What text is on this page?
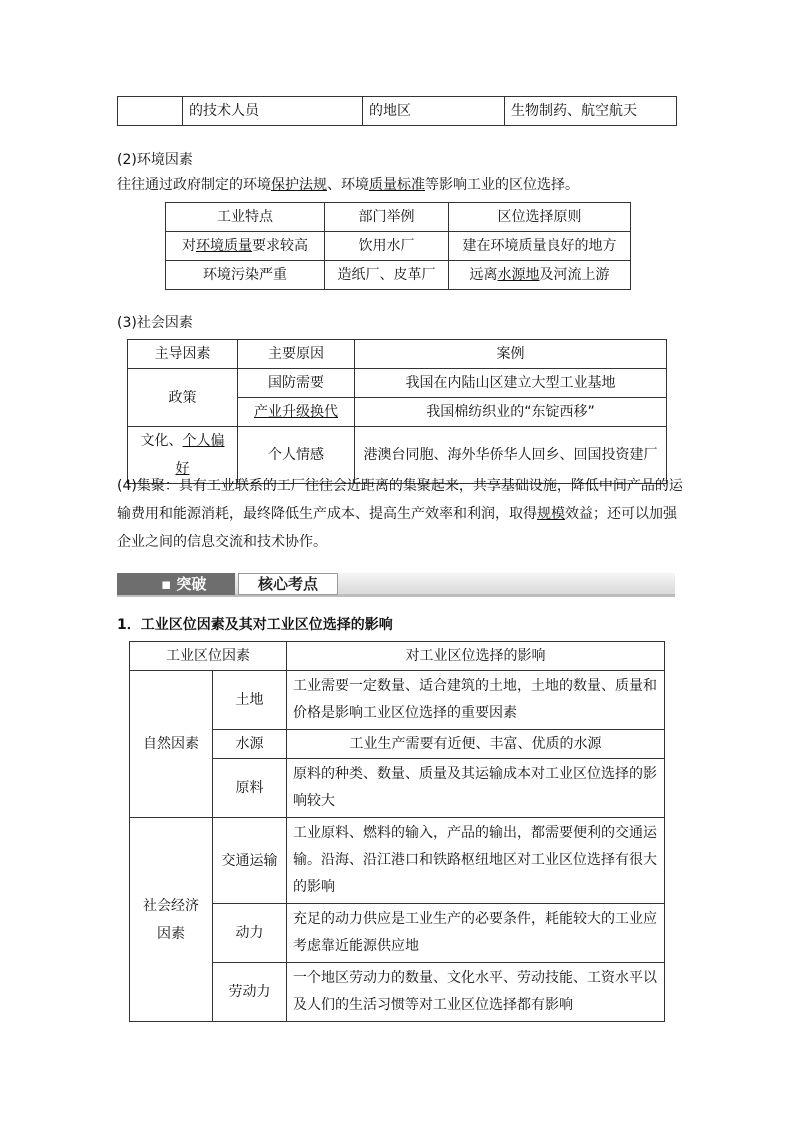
	的技术人员	的地区	生物制药、航空航天
(2)环境因素
往往通过政府制定的环境保护法规、环境质量标准等影响工业的区位选择。
工业特点	部门举例	区位选择原则
对环境质量要求较高	饮用水厂	建在环境质量良好的地方
环境污染严重	造纸厂、皮革厂	远离水源地及河流上游
(3)社会因素
主导因素	主要原因	案例
政策	国防需要	我国在内陆山区建立大型工业基地
	产业升级换代	我国棉纺织业的“东锭西移”
文化、个人偏好	个人情感	港澳台同胞、海外华侨华人回乡、回国投资建厂
(4)集聚：具有工业联系的工厂往往会近距离的集聚起来，共享基础设施，降低中间产品的运
输费用和能源消耗，最终降低生产成本、提高生产效率和利润，取得规模效益；还可以加强
企业之间的信息交流和技术协作。
▪ 突破	核心考点
1．工业区位因素及其对工业区位选择的影响
工业区位因素		对工业区位选择的影响
自然因素	土地	工业需要一定数量、适合建筑的土地，土地的数量、质量和价格是影响工业区位选择的重要因素
	水源	工业生产需要有近便、丰富、优质的水源
	原料	原料的种类、数量、质量及其运输成本对工业区位选择的影响较大

社会经济
因素	交通运输	工业原料、燃料的输入，产品的输出，都需要便利的交通运输。沿海、沿江港口和铁路枢纽地区对工业区位选择有很大的影响
	动力	充足的动力供应是工业生产的必要条件，耗能较大的工业应考虑靠近能源供应地
	劳动力	一个地区劳动力的数量、文化水平、劳动技能、工资水平以及人们的生活习惯等对工业区位选择都有影响
